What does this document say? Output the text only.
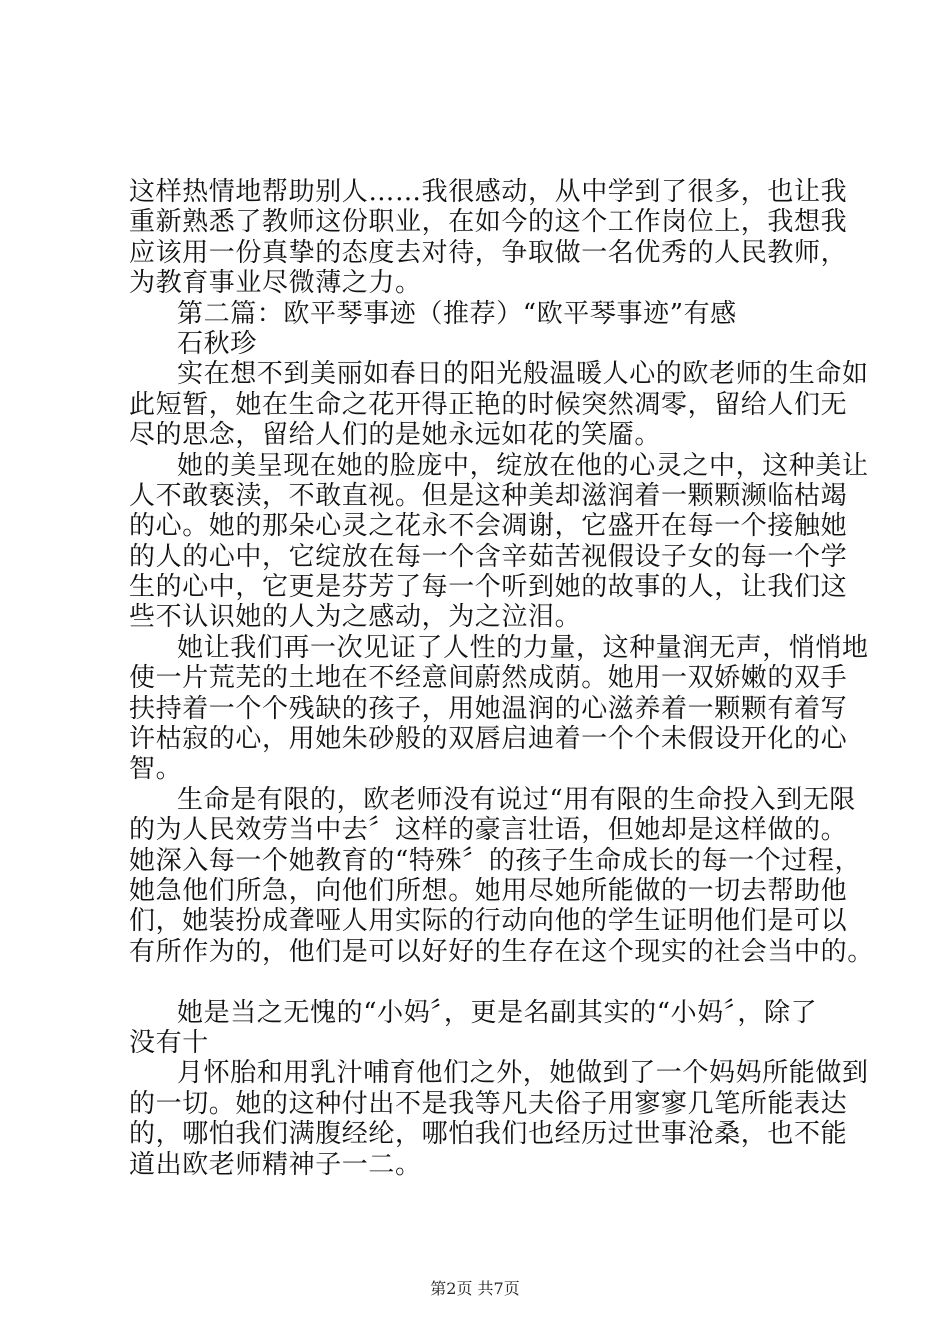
这样热情地帮助别人……我很感动，从中学到了很多，也让我
重新熟悉了教师这份职业，在如今的这个工作岗位上，我想我
应该用一份真挚的态度去对待，争取做一名优秀的人民教师，
为教育事业尽微薄之力。
第二篇：欧平琴事迹（推荐）“欧平琴事迹”有感
石秋珍
实在想不到美丽如春日的阳光般温暖人心的欧老师的生命如
此短暂，她在生命之花开得正艳的时候突然凋零，留给人们无
尽的思念，留给人们的是她永远如花的笑靥。
她的美呈现在她的脸庞中，绽放在他的心灵之中，这种美让
人不敢亵渎，不敢直视。但是这种美却滋润着一颗颗濒临枯竭
的心。她的那朵心灵之花永不会凋谢，它盛开在每一个接触她
的人的心中，它绽放在每一个含辛茹苦视假设子女的每一个学
生的心中，它更是芬芳了每一个听到她的故事的人，让我们这
些不认识她的人为之感动，为之泣泪。
她让我们再一次见证了人性的力量，这种量润无声，悄悄地
使一片荒芜的土地在不经意间蔚然成荫。她用一双娇嫩的双手
扶持着一个个残缺的孩子，用她温润的心滋养着一颗颗有着写
许枯寂的心，用她朱砂般的双唇启迪着一个个未假设开化的心
智。
生命是有限的，欧老师没有说过“用有限的生命投入到无限
的为人民效劳当中去〞这样的豪言壮语，但她却是这样做的。
她深入每一个她教育的“特殊〞的孩子生命成长的每一个过程，
她急他们所急，向他们所想。她用尽她所能做的一切去帮助他
们，她装扮成聋哑人用实际的行动向他的学生证明他们是可以
有所作为的，他们是可以好好的生存在这个现实的社会当中的。
她是当之无愧的“小妈〞，更是名副其实的“小妈〞，除了
没有十
月怀胎和用乳汁哺育他们之外，她做到了一个妈妈所能做到
的一切。她的这种付出不是我等凡夫俗子用寥寥几笔所能表达
的，哪怕我们满腹经纶，哪怕我们也经历过世事沧桑，也不能
道出欧老师精神子一二。
第2页 共7页
